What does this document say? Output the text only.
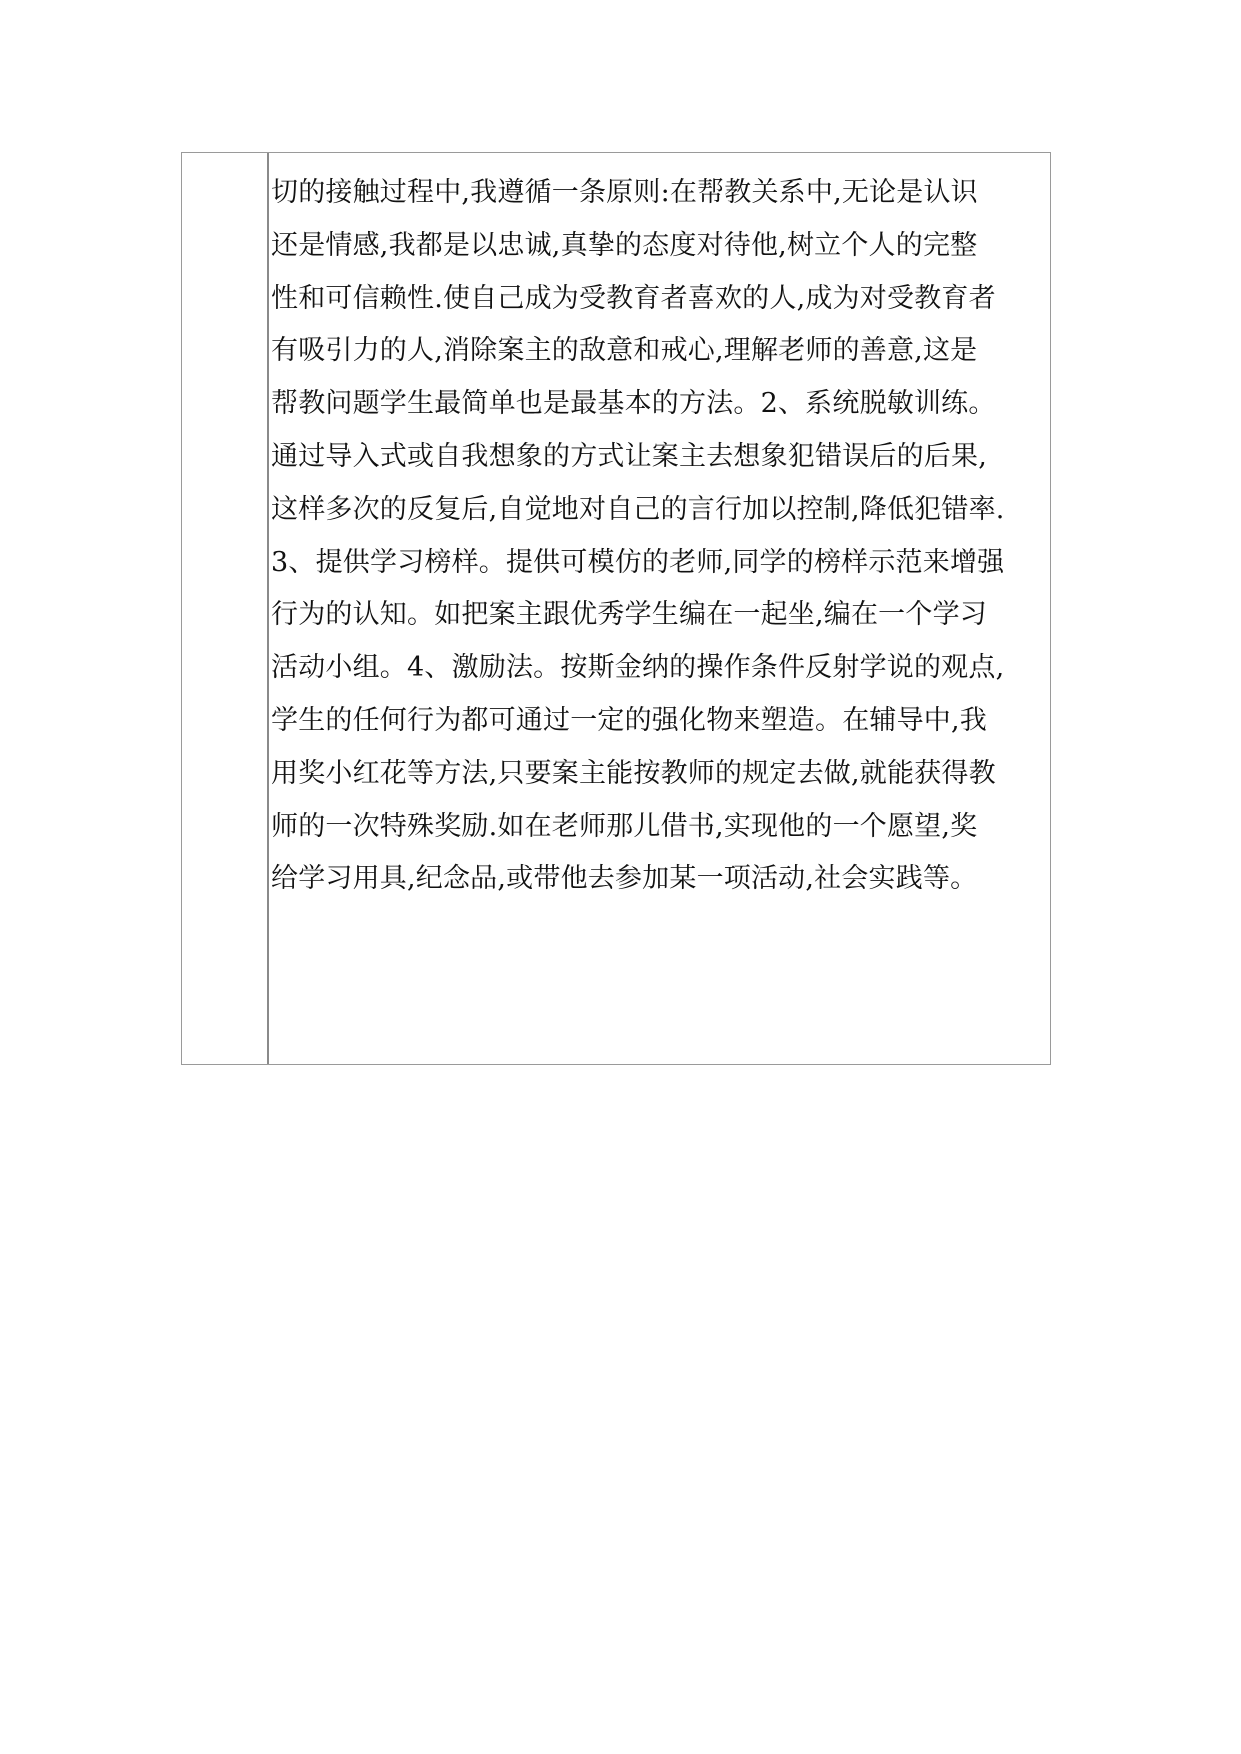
切的接触过程中,我遵循一条原则:在帮教关系中,无论是认识
还是情感,我都是以忠诚,真挚的态度对待他,树立个人的完整
性和可信赖性.使自己成为受教育者喜欢的人,成为对受教育者
有吸引力的人,消除案主的敌意和戒心,理解老师的善意,这是
帮教问题学生最简单也是最基本的方法。2、系统脱敏训练。
通过导入式或自我想象的方式让案主去想象犯错误后的后果,
这样多次的反复后,自觉地对自己的言行加以控制,降低犯错率.
3、提供学习榜样。提供可模仿的老师,同学的榜样示范来增强
行为的认知。如把案主跟优秀学生编在一起坐,编在一个学习
活动小组。4、激励法。按斯金纳的操作条件反射学说的观点,
学生的任何行为都可通过一定的强化物来塑造。在辅导中,我
用奖小红花等方法,只要案主能按教师的规定去做,就能获得教
师的一次特殊奖励.如在老师那儿借书,实现他的一个愿望,奖
给学习用具,纪念品,或带他去参加某一项活动,社会实践等。
